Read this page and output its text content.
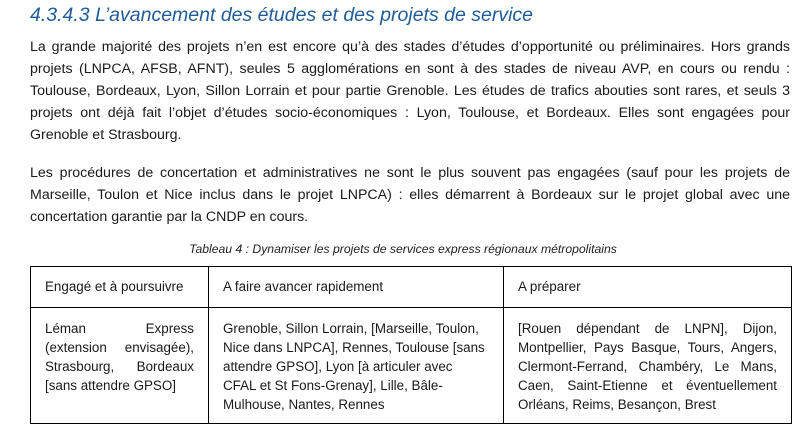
4.3.4.3 L’avancement des études et des projets de service

La grande majorité des projets n’en est encore qu’à des stades d’études d’opportunité ou préliminaires. Hors grands projets (LNPCA, AFSB, AFNT), seules 5 agglomérations en sont à des stades de niveau AVP, en cours ou rendu : Toulouse, Bordeaux, Lyon, Sillon Lorrain et pour partie Grenoble. Les études de trafics abouties sont rares, et seuls 3 projets ont déjà fait l’objet d’études socio-économiques : Lyon, Toulouse, et Bordeaux. Elles sont engagées pour Grenoble et Strasbourg.

Les procédures de concertation et administratives ne sont le plus souvent pas engagées (sauf pour les projets de Marseille, Toulon et Nice inclus dans le projet LNPCA) : elles démarrent à Bordeaux sur le projet global avec une concertation garantie par la CNDP en cours.

Tableau 4 : Dynamiser les projets de services express régionaux métropolitains
Engagé et à poursuivre	A faire avancer rapidement	A préparer
Léman Express (extension envisagée), Strasbourg, Bordeaux [sans attendre GPSO]	Grenoble, Sillon Lorrain, [Marseille, Toulon, Nice dans LNPCA], Rennes, Toulouse [sans attendre GPSO], Lyon [à articuler avec CFAL et St Fons-Grenay], Lille, Bâle-Mulhouse, Nantes, Rennes	[Rouen dépendant de LNPN], Dijon, Montpellier, Pays Basque, Tours, Angers, Clermont-Ferrand, Chambéry, Le Mans, Caen, Saint-Etienne et éventuellement Orléans, Reims, Besançon, Brest
